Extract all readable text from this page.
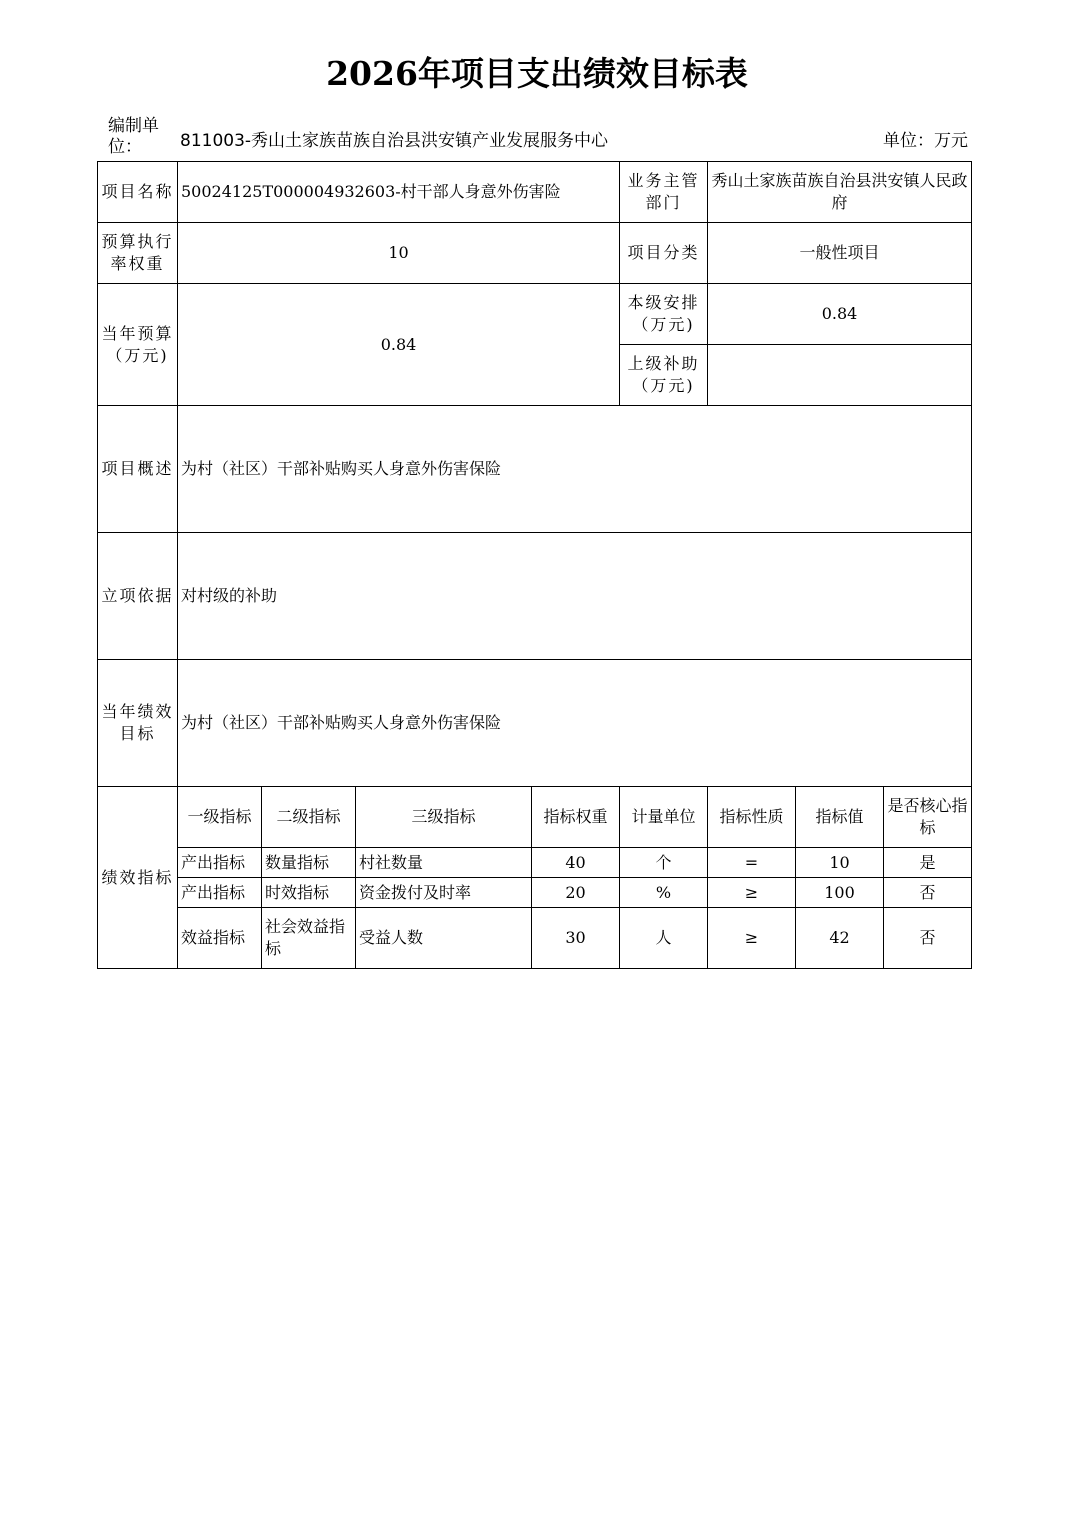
2026年项目支出绩效目标表
编制单位：	811003-秀山土家族苗族自治县洪安镇产业发展服务中心	单位：万元
项目名称	50024125T000004932603-村干部人身意外伤害险				业务主管部门	秀山土家族苗族自治县洪安镇人民政府		
预算执行率权重	10				项目分类	一般性项目		
当年预算（万元)	0.84				本级安排（万元)	0.84		
					上级补助（万元)			
项目概述	为村（社区）干部补贴购买人身意外伤害保险							
立项依据	对村级的补助							
当年绩效目标	为村（社区）干部补贴购买人身意外伤害保险							
绩效指标	一级指标	二级指标	三级指标	指标权重	计量单位	指标性质	指标值	是否核心指标
	产出指标	数量指标	村社数量	40	个	=	10	是
	产出指标	时效指标	资金拨付及时率	20	%	≥	100	否
	效益指标	社会效益指标	受益人数	30	人	≥	42	否
